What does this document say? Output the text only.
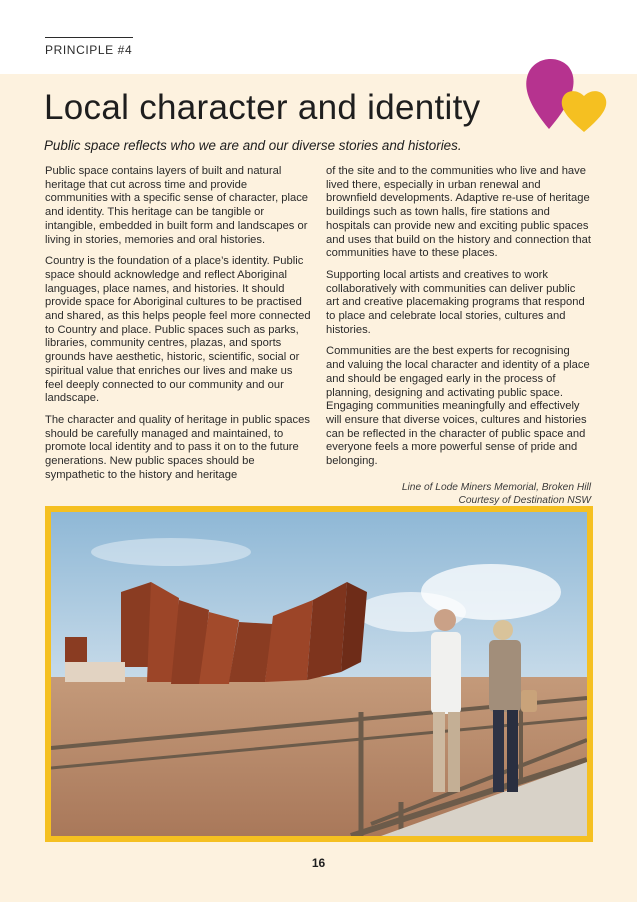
PRINCIPLE #4
Local character and identity

Public space reflects who we are and our diverse stories and histories.

Public space contains layers of built and natural heritage that cut across time and provide communities with a specific sense of character, place and identity. This heritage can be tangible or intangible, embedded in built form and landscapes or living in stories, memories and oral histories.

Country is the foundation of a place’s identity. Public space should acknowledge and reflect Aboriginal languages, place names, and histories. It should provide space for Aboriginal cultures to be practised and shared, as this helps people feel more connected to Country and place. Public spaces such as parks, libraries, community centres, plazas, and sports grounds have aesthetic, historic, scientific, social or spiritual value that enriches our lives and make us feel deeply connected to our community and our landscape.

The character and quality of heritage in public spaces should be carefully managed and maintained, to promote local identity and to pass it on to the future generations. New public spaces should be sympathetic to the history and heritage

of the site and to the communities who live and have lived there, especially in urban renewal and brownfield developments. Adaptive re-use of heritage buildings such as town halls, fire stations and hospitals can provide new and exciting public spaces and uses that build on the history and connection that communities have to these places.

Supporting local artists and creatives to work collaboratively with communities can deliver public art and creative placemaking programs that respond to place and celebrate local stories, cultures and histories.

Communities are the best experts for recognising and valuing the local character and identity of a place and should be engaged early in the process of planning, designing and activating public space. Engaging communities meaningfully and effectively will ensure that diverse voices, cultures and histories can be reflected in the character of public space and everyone feels a more powerful sense of pride and belonging.

Line of Lode Miners Memorial, Broken Hill
Courtesy of Destination NSW
16
